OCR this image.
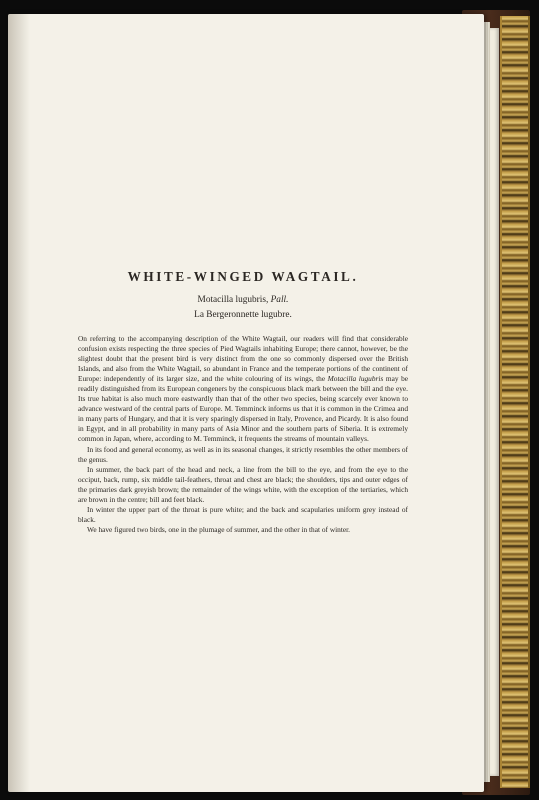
WHITE-WINGED WAGTAIL.
Motacilla lugubris, Pall.
La Bergeronnette lugubre.

On referring to the accompanying description of the White Wagtail, our readers will find that considerable confusion exists respecting the three species of Pied Wagtails inhabiting Europe; there cannot, however, be the slightest doubt that the present bird is very distinct from the one so commonly dispersed over the British Islands, and also from the White Wagtail, so abundant in France and the temperate portions of the continent of Europe: independently of its larger size, and the white colouring of its wings, the Motacilla lugubris may be readily distinguished from its European congeners by the conspicuous black mark between the bill and the eye. Its true habitat is also much more eastwardly than that of the other two species, being scarcely ever known to advance westward of the central parts of Europe. M. Temminck informs us that it is common in the Crimea and in many parts of Hungary, and that it is very sparingly dispersed in Italy, Provence, and Picardy. It is also found in Egypt, and in all probability in many parts of Asia Minor and the southern parts of Siberia. It is extremely common in Japan, where, according to M. Temminck, it frequents the streams of mountain valleys.

In its food and general economy, as well as in its seasonal changes, it strictly resembles the other members of the genus.

In summer, the back part of the head and neck, a line from the bill to the eye, and from the eye to the occiput, back, rump, six middle tail-feathers, throat and chest are black; the shoulders, tips and outer edges of the primaries dark greyish brown; the remainder of the wings white, with the exception of the tertiaries, which are brown in the centre; bill and feet black.

In winter the upper part of the throat is pure white; and the back and scapularies uniform grey instead of black.

We have figured two birds, one in the plumage of summer, and the other in that of winter.
